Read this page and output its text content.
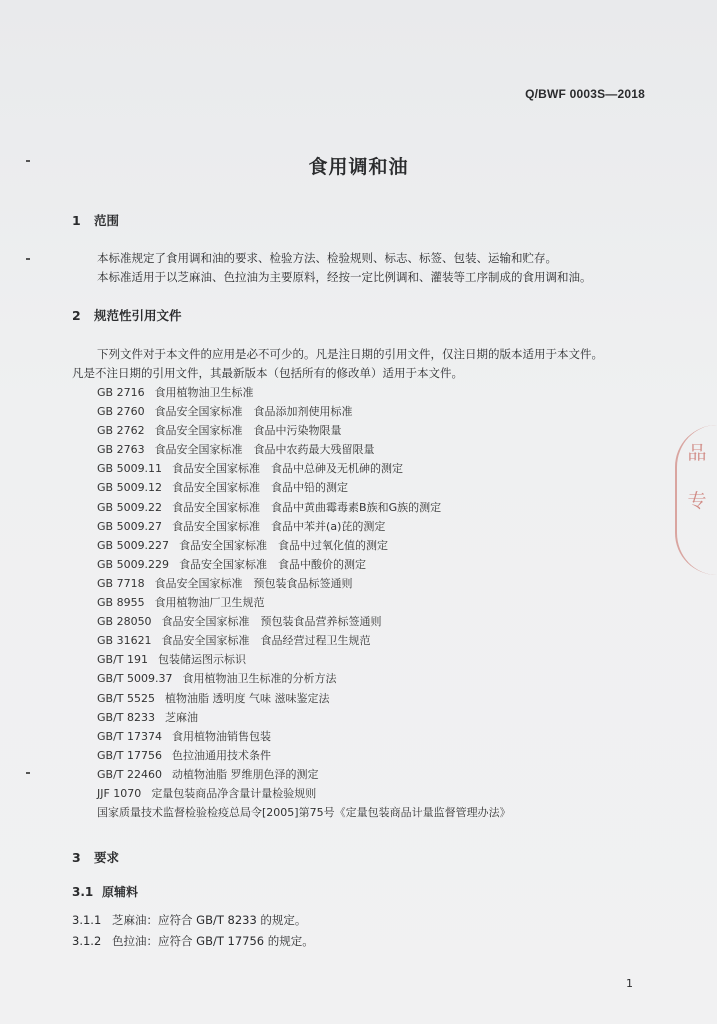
Q/BWF 0003S—2018
食用调和油
1 范围
本标准规定了食用调和油的要求、检验方法、检验规则、标志、标签、包装、运输和贮存。
本标准适用于以芝麻油、色拉油为主要原料，经按一定比例调和、灌装等工序制成的食用调和油。
2 规范性引用文件
下列文件对于本文件的应用是必不可少的。凡是注日期的引用文件，仅注日期的版本适用于本文件。
凡是不注日期的引用文件，其最新版本（包括所有的修改单）适用于本文件。
GB 2716 食用植物油卫生标准
GB 2760 食品安全国家标准　食品添加剂使用标准
GB 2762 食品安全国家标准　食品中污染物限量
GB 2763 食品安全国家标准　食品中农药最大残留限量
GB 5009.11 食品安全国家标准　食品中总砷及无机砷的测定
GB 5009.12 食品安全国家标准　食品中铅的测定
GB 5009.22 食品安全国家标准　食品中黄曲霉毒素B族和G族的测定
GB 5009.27 食品安全国家标准　食品中苯并(a)芘的测定
GB 5009.227 食品安全国家标准　食品中过氧化值的测定
GB 5009.229 食品安全国家标准　食品中酸价的测定
GB 7718 食品安全国家标准　预包装食品标签通则
GB 8955 食用植物油厂卫生规范
GB 28050 食品安全国家标准　预包装食品营养标签通则
GB 31621 食品安全国家标准　食品经营过程卫生规范
GB/T 191 包装储运图示标识
GB/T 5009.37 食用植物油卫生标准的分析方法
GB/T 5525 植物油脂 透明度 气味 滋味鉴定法
GB/T 8233 芝麻油
GB/T 17374 食用植物油销售包装
GB/T 17756 色拉油通用技术条件
GB/T 22460 动植物油脂 罗维朋色泽的测定
JJF 1070 定量包装商品净含量计量检验规则
国家质量技术监督检验检疫总局令[2005]第75号《定量包装商品计量监督管理办法》
3 要求
3.1 原辅料
3.1.1 芝麻油：应符合 GB/T 8233 的规定。
3.1.2 色拉油：应符合 GB/T 17756 的规定。
1
品
专
